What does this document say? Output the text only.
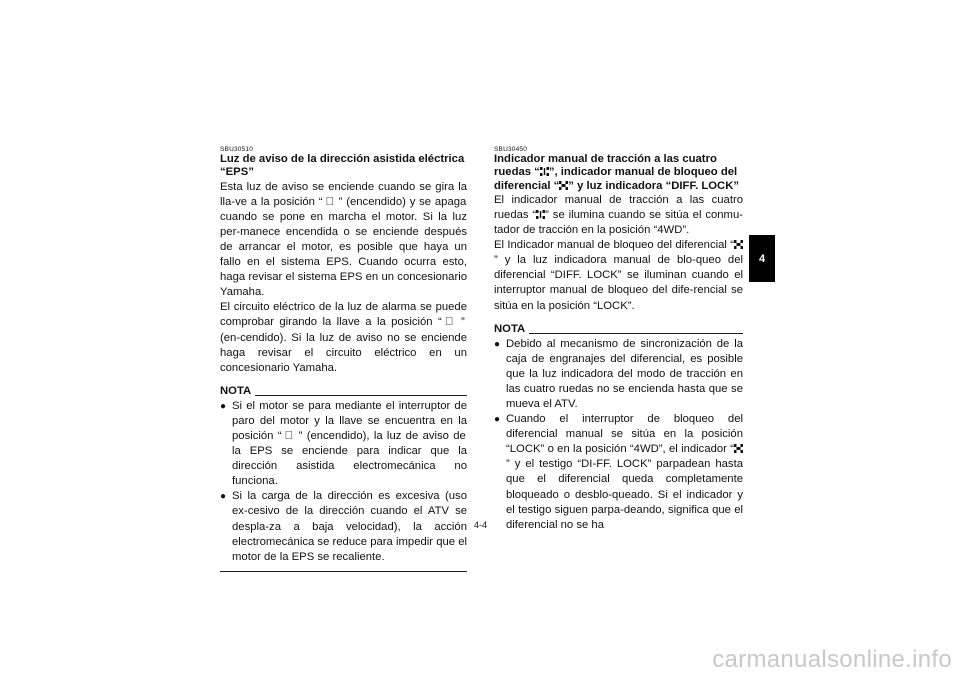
SBU30510
Luz de aviso de la dirección asistida eléctrica “EPS”

Esta luz de aviso se enciende cuando se gira la lla-ve a la posición “ ⃝ ” (encendido) y se apaga cuando se pone en marcha el motor. Si la luz per-manece encendida o se enciende después de arrancar el motor, es posible que haya un fallo en el sistema EPS. Cuando ocurra esto, haga revisar el sistema EPS en un concesionario Yamaha.

El circuito eléctrico de la luz de alarma se puede comprobar girando la llave a la posición “ ⃝ ” (en-cendido). Si la luz de aviso no se enciende haga revisar el circuito eléctrico en un concesionario Yamaha.

NOTA
● Si el motor se para mediante el interruptor de paro del motor y la llave se encuentra en la posición “ ⃝ ” (encendido), la luz de aviso de la EPS se enciende para indicar que la dirección asistida electromecánica no funciona.
● Si la carga de la dirección es excesiva (uso ex-cesivo de la dirección cuando el ATV se despla-za a baja velocidad), la acción electromecánica se reduce para impedir que el motor de la EPS se recaliente.
SBU30450
Indicador manual de tracción a las cuatro ruedas “ ”, indicador manual de bloqueo del diferencial “ ” y luz indicadora “DIFF. LOCK”

El indicador manual de tracción a las cuatro ruedas “ ” se ilumina cuando se sitúa el conmu-tador de tracción en la posición “4WD”.

El Indicador manual de bloqueo del diferencial “” y la luz indicadora manual de blo-queo del diferencial “DIFF. LOCK” se iluminan cuando el interruptor manual de bloqueo del dife-rencial se sitúa en la posición “LOCK”.

NOTA
● Debido al mecanismo de sincronización de la caja de engranajes del diferencial, es posible que la luz indicadora del modo de tracción en las cuatro ruedas no se encienda hasta que se mueva el ATV.
● Cuando el interruptor de bloqueo del diferencial manual se sitúa en la posición “LOCK” o en la posición “4WD”, el indicador “” y el testigo “DI-FF. LOCK” parpadean hasta que el diferencial queda completamente bloqueado o desblo-queado. Si el indicador y el testigo siguen parpa-deando, significa que el diferencial no se ha
4-4
4
carmanualsonline.info
